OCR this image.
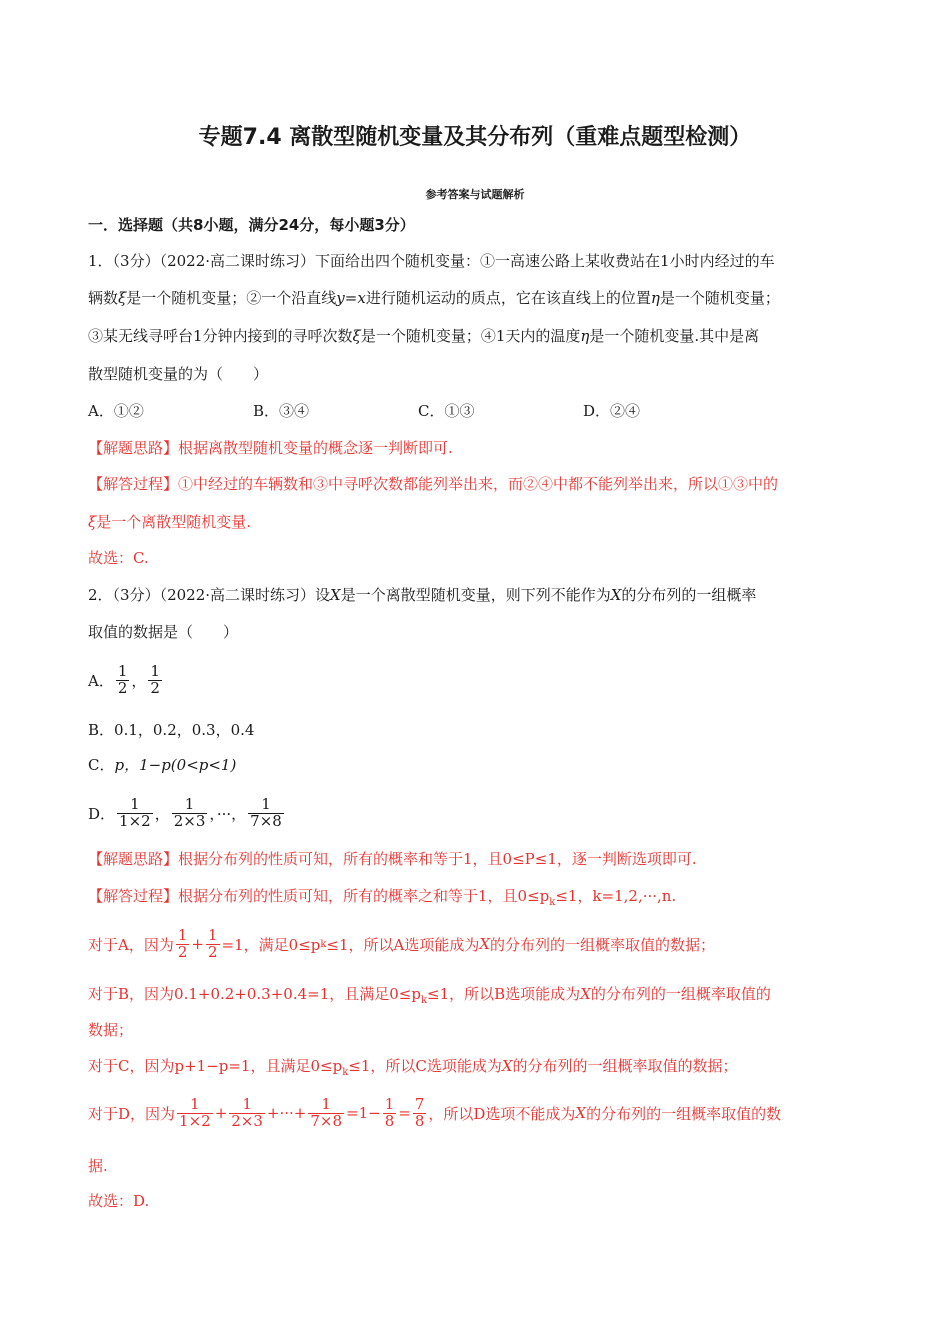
专题7.4 离散型随机变量及其分布列（重难点题型检测）
参考答案与试题解析
一．选择题（共8小题，满分24分，每小题3分）
1．（3分）（2022·高二课时练习）下面给出四个随机变量：①一高速公路上某收费站在1小时内经过的车
辆数ξ是一个随机变量；②一个沿直线y=x进行随机运动的质点，它在该直线上的位置η是一个随机变量；
③某无线寻呼台1分钟内接到的寻呼次数ξ是一个随机变量；④1天内的温度η是一个随机变量.其中是离
散型随机变量的为（　　）
A．①②	B．③④	C．①③	D．②④
【解题思路】根据离散型随机变量的概念逐一判断即可.
【解答过程】①中经过的车辆数和③中寻呼次数都能列举出来，而②④中都不能列举出来，所以①③中的
ξ是一个离散型随机变量.
故选：C.
2．（3分）（2022·高二课时练习）设X是一个离散型随机变量，则下列不能作为X的分布列的一组概率
取值的数据是（　　）
A． $\frac{1}{2}$ ， $\frac{1}{2}$
B．0.1，0.2，0.3，0.4
C．p，1−p(0<p<1)
D． $\frac{1}{1\times 2}$ ， $\frac{1}{2\times 3}$ ，···， $\frac{1}{7\times 8}$
【解题思路】根据分布列的性质可知，所有的概率和等于1，且0≤P≤1，逐一判断选项即可.
【解答过程】根据分布列的性质可知，所有的概率之和等于1，且$0\le p_k\le 1$，k=1,2,···,n.
对于A，因为 $\frac{1}{2} + \frac{1}{2} =1$，满足0≤p k ≤1，所以A选项能成为 X 的分布列的一组概率取值的数据；
对于B，因为0.1+0.2+0.3+0.4=1，且满足$0\le p_k\le 1$，所以B选项能成为X的分布列的一组概率取值的
数据；
对于C，因为p+1−p=1，且满足$0\le p_k\le 1$，所以C选项能成为X的分布列的一组概率取值的数据；
对于D，因为 $\frac{1}{1\times 2} + \frac{1}{2\times 3}$ +···+ $\frac{1}{7\times 8} =1- \frac{1}{8} = \frac{7}{8}$ ，所以D选项不能成为 X 的分布列的一组概率取值的数
据.
故选：D.
